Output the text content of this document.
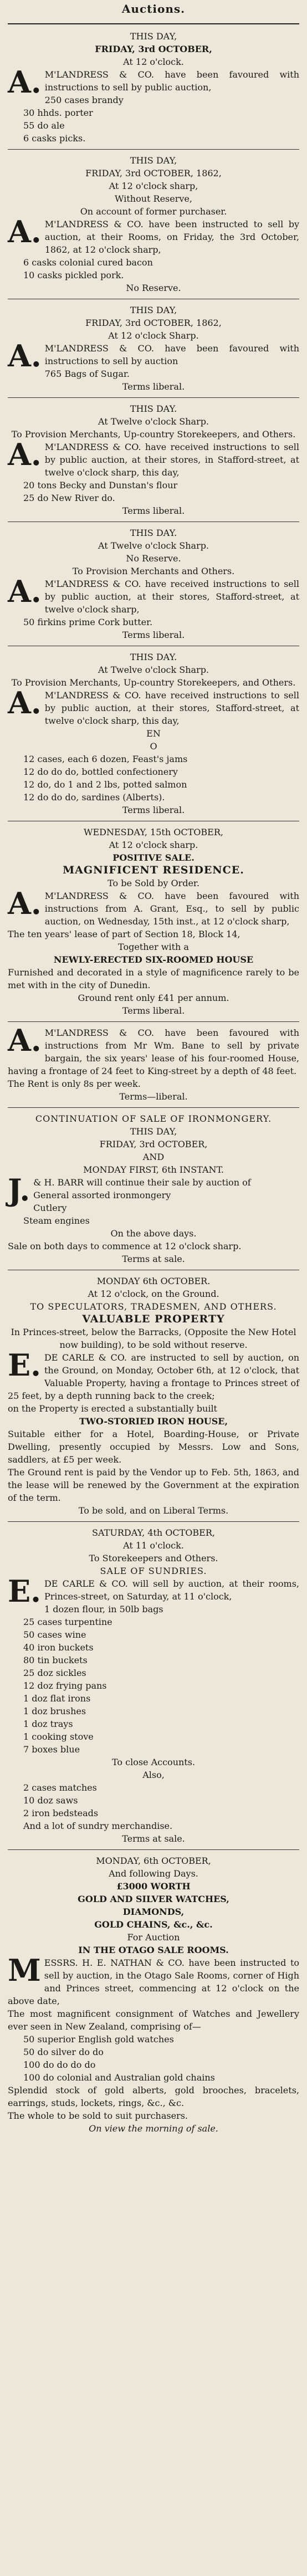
Auctions.
THIS DAY,
FRIDAY, 3rd OCTOBER,
At 12 o'clock.
A. M'LANDRESS & CO. have been favoured with instructions to sell by public auction,
250 cases brandy
30 hhds. porter
55 do ale
6 casks picks.
THIS DAY,
FRIDAY, 3rd OCTOBER, 1862,
At 12 o'clock sharp,
Without Reserve,
On account of former purchaser.
A. M'LANDRESS & CO. have been instructed to sell by auction, at their Rooms, on Friday, the 3rd October, 1862, at 12 o'clock sharp,
6 casks colonial cured bacon
10 casks pickled pork.
No Reserve.
THIS DAY,
FRIDAY, 3rd OCTOBER, 1862,
At 12 o'clock Sharp.
A. M'LANDRESS & CO. have been favoured with instructions to sell by auction
765 Bags of Sugar.
Terms liberal.
THIS DAY.
At Twelve o'clock Sharp.
To Provision Merchants, Up-country Storekeepers, and Others.
A. M'LANDRESS & CO. have received instructions to sell by public auction, at their stores, in Stafford-street, at twelve o'clock sharp, this day,
20 tons Becky and Dunstan's flour
25 do New River do.
Terms liberal.
THIS DAY.
At Twelve o'clock Sharp.
No Reserve.
To Provision Merchants and Others.
A. M'LANDRESS & CO. have received instructions to sell by public auction, at their stores, Stafford-street, at twelve o'clock sharp,
50 firkins prime Cork butter.
Terms liberal.
THIS DAY.
At Twelve o'clock Sharp.
To Provision Merchants, Up-country Storekeepers, and Others.
A. M'LANDRESS & CO. have received instructions to sell by public auction, at their stores, Stafford-street, at twelve o'clock sharp, this day,
EN
O
12 cases, each 6 dozen, Feast's jams
12 do do do, bottled confectionery
12 do, do 1 and 2 lbs, potted salmon
12 do do do, sardines (Alberts).
Terms liberal.
WEDNESDAY, 15th OCTOBER,
At 12 o'clock sharp.
POSITIVE SALE.
MAGNIFICENT RESIDENCE.
To be Sold by Order.
A. M'LANDRESS & CO. have been favoured with instructions from A. Grant, Esq., to sell by public auction, on Wednesday, 15th inst., at 12 o'clock sharp,
The ten years' lease of part of Section 18, Block 14,
Together with a
NEWLY-ERECTED SIX-ROOMED HOUSE
Furnished and decorated in a style of magnificence rarely to be met with in the city of Dunedin.
Ground rent only £41 per annum.
Terms liberal.
A. M'LANDRESS & CO. have been favoured with instructions from Mr Wm. Bane to sell by private bargain, the six years' lease of his four-roomed House, having a frontage of 24 feet to King-street by a depth of 48 feet.
The Rent is only 8s per week.
Terms—liberal.
CONTINUATION OF SALE OF IRONMONGERY.
THIS DAY,
FRIDAY, 3rd OCTOBER,
AND
MONDAY FIRST, 6th INSTANT.
J. & H. BARR will continue their sale by auction of
General assorted ironmongery
Cutlery
Steam engines
On the above days.
Sale on both days to commence at 12 o'clock sharp.
Terms at sale.
MONDAY 6th OCTOBER.
At 12 o'clock, on the Ground.
TO SPECULATORS, TRADESMEN, AND OTHERS.
VALUABLE PROPERTY
In Princes-street, below the Barracks, (Opposite the New Hotel now building), to be sold without reserve.
E. DE CARLE & CO. are instructed to sell by auction, on the Ground, on Monday, October 6th, at 12 o'clock, that Valuable Property, having a frontage to Princes street of 25 feet, by a depth running back to the creek;
on the Property is erected a substantially built
TWO-STORIED IRON HOUSE,
Suitable either for a Hotel, Boarding-House, or Private Dwelling, presently occupied by Messrs. Low and Sons, saddlers, at £5 per week.
The Ground rent is paid by the Vendor up to Feb. 5th, 1863, and the lease will be renewed by the Government at the expiration of the term.
To be sold, and on Liberal Terms.
SATURDAY, 4th OCTOBER,
At 11 o'clock.
To Storekeepers and Others.
SALE OF SUNDRIES.
E. DE CARLE & CO. will sell by auction, at their rooms, Princes-street, on Saturday, at 11 o'clock,
1 dozen flour, in 50lb bags
25 cases turpentine
50 cases wine
40 iron buckets
80 tin buckets
25 doz sickles
12 doz frying pans
1 doz flat irons
1 doz brushes
1 doz trays
1 cooking stove
7 boxes blue
To close Accounts.
Also,
2 cases matches
10 doz saws
2 iron bedsteads
And a lot of sundry merchandise.
Terms at sale.
MONDAY, 6th OCTOBER,
And following Days.
£3000 WORTH
GOLD AND SILVER WATCHES,
DIAMONDS,
GOLD CHAINS, &c., &c.
For Auction
IN THE OTAGO SALE ROOMS.
MESSRS. H. E. NATHAN & CO. have been instructed to sell by auction, in the Otago Sale Rooms, corner of High and Princes street, commencing at 12 o'clock on the above date,
The most magnificent consignment of Watches and Jewellery ever seen in New Zealand, comprising of—
50 superior English gold watches
50 do silver do do
100 do do do do
100 do colonial and Australian gold chains
Splendid stock of gold alberts, gold brooches, bracelets, earrings, studs, lockets, rings, &c., &c.
The whole to be sold to suit purchasers.
On view the morning of sale.
